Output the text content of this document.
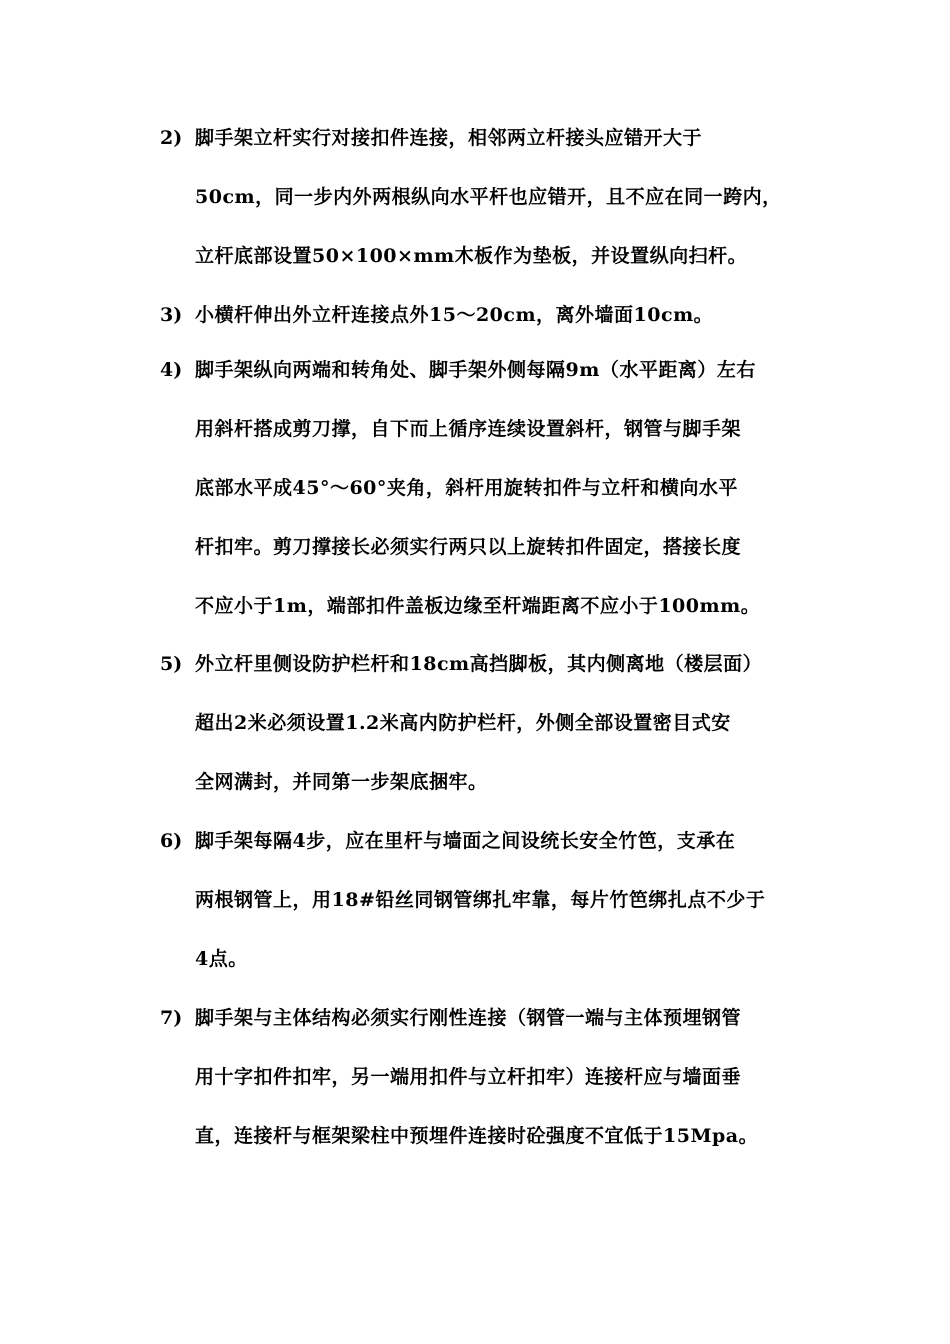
2) 脚手架立杆实行对接扣件连接，相邻两立杆接头应错开大于
50cm，同一步内外两根纵向水平杆也应错开，且不应在同一跨内，
立杆底部设置50×100×mm木板作为垫板，并设置纵向扫杆。
3) 小横杆伸出外立杆连接点外15～20cm，离外墙面10cm。
4) 脚手架纵向两端和转角处、脚手架外侧每隔9m（水平距离）左右
用斜杆搭成剪刀撑，自下而上循序连续设置斜杆，钢管与脚手架
底部水平成45°～60°夹角，斜杆用旋转扣件与立杆和横向水平
杆扣牢。剪刀撑接长必须实行两只以上旋转扣件固定，搭接长度
不应小于1m，端部扣件盖板边缘至杆端距离不应小于100mm。
5) 外立杆里侧设防护栏杆和18cm高挡脚板，其内侧离地（楼层面）
超出2米必须设置1.2米高内防护栏杆，外侧全部设置密目式安
全网满封，并同第一步架底捆牢。
6) 脚手架每隔4步，应在里杆与墙面之间设统长安全竹笆，支承在
两根钢管上，用18#铅丝同钢管绑扎牢靠，每片竹笆绑扎点不少于
4点。
7) 脚手架与主体结构必须实行刚性连接（钢管一端与主体预埋钢管
用十字扣件扣牢，另一端用扣件与立杆扣牢）连接杆应与墙面垂
直，连接杆与框架梁柱中预埋件连接时砼强度不宜低于15Mpa。
